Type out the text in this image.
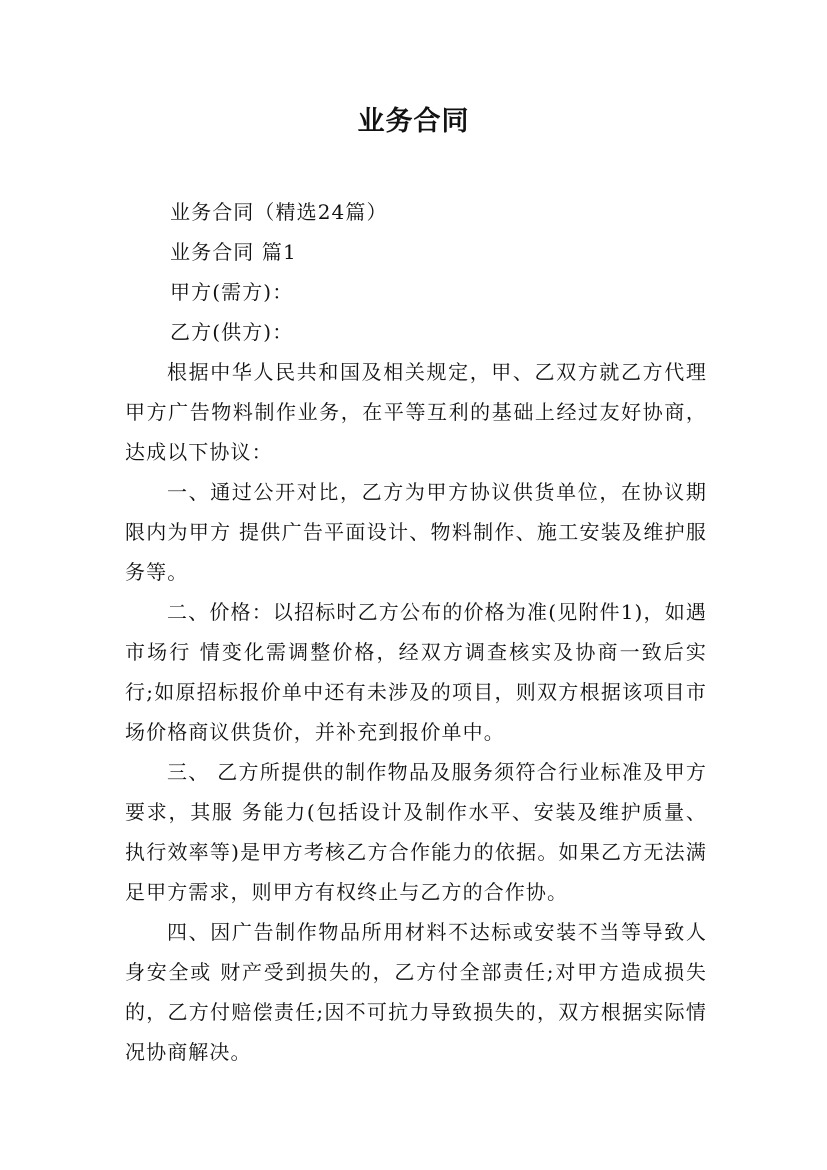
业务合同

业务合同（精选24篇）

业务合同 篇1

甲方(需方)：

乙方(供方)：

根据中华人民共和国及相关规定，甲、乙双方就乙方代理甲方广告物料制作业务，在平等互利的基础上经过友好协商，达成以下协议：

一、通过公开对比，乙方为甲方协议供货单位，在协议期限内为甲方 提供广告平面设计、物料制作、施工安装及维护服务等。

二、价格：以招标时乙方公布的价格为准(见附件1)，如遇市场行 情变化需调整价格，经双方调查核实及协商一致后实行;如原招标报价单中还有未涉及的项目，则双方根据该项目市场价格商议供货价，并补充到报价单中。

三、 乙方所提供的制作物品及服务须符合行业标准及甲方要求，其服 务能力(包括设计及制作水平、安装及维护质量、执行效率等)是甲方考核乙方合作能力的依据。如果乙方无法满足甲方需求，则甲方有权终止与乙方的合作协。

四、因广告制作物品所用材料不达标或安装不当等导致人身安全或 财产受到损失的，乙方付全部责任;对甲方造成损失的，乙方付赔偿责任;因不可抗力导致损失的，双方根据实际情况协商解决。
